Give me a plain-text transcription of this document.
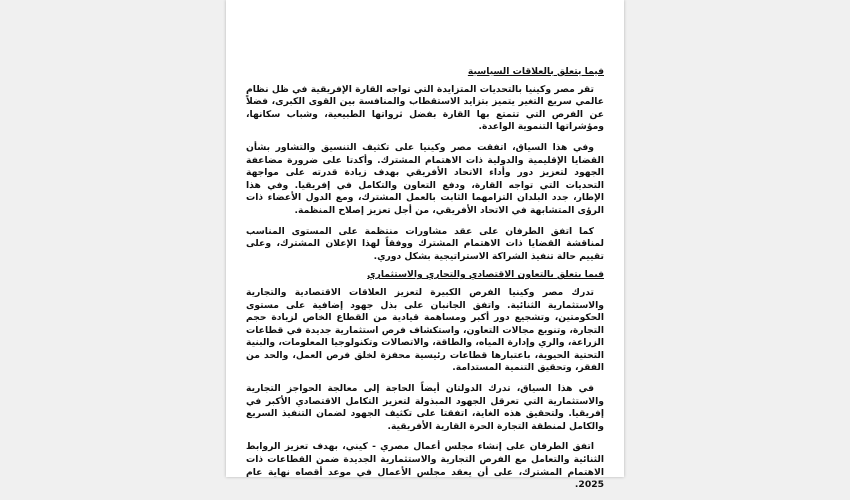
فيما يتعلق بالعلاقات السياسية

تقر مصر وكينيا بالتحديات المتزايدة التي تواجه القارة الإفريقية في ظل نظام عالمي سريع التغير يتميز بتزايد الاستقطاب والمنافسة بين القوى الكبرى، فضلاً عن الفرص التي تتمتع بها القارة بفضل ثرواتها الطبيعية، وشباب سكانها، ومؤشراتها التنموية الواعدة.

وفي هذا السياق، اتفقت مصر وكينيا على تكثيف التنسيق والتشاور بشأن القضايا الإقليمية والدولية ذات الاهتمام المشترك. وأكدتا على ضرورة مضاعفة الجهود لتعزيز دور وأداء الاتحاد الأفريقي بهدف زيادة قدرته على مواجهة التحديات التي تواجه القارة، ودفع التعاون والتكامل في إفريقيا. وفي هذا الإطار، جدد البلدان التزامهما الثابت بالعمل المشترك، ومع الدول الأعضاء ذات الرؤى المتشابهة في الاتحاد الأفريقي، من أجل تعزيز إصلاح المنظمة.

كما اتفق الطرفان على عقد مشاورات منتظمة على المستوى المناسب لمناقشة القضايا ذات الاهتمام المشترك ووفقاً لهذا الإعلان المشترك، وعلى تقييم حالة تنفيذ الشراكة الاستراتيجية بشكل دوري.

فيما يتعلق بالتعاون الاقتصادي والتجاري والاستثماري

تدرك مصر وكينيا الفرص الكبيرة لتعزيز العلاقات الاقتصادية والتجارية والاستثمارية الثنائية. واتفق الجانبان على بذل جهود إضافية على مستوى الحكومتين، وتشجيع دور أكبر ومساهمة قيادية من القطاع الخاص لزيادة حجم التجارة، وتنويع مجالات التعاون، واستكشاف فرص استثمارية جديدة في قطاعات الزراعة، والري وإدارة المياه، والطاقة، والاتصالات وتكنولوجيا المعلومات، والبنية التحتية الحيوية، باعتبارها قطاعات رئيسية محفزة لخلق فرص العمل، والحد من الفقر، وتحقيق التنمية المستدامة.

في هذا السياق، تدرك الدولتان أيضاً الحاجة إلى معالجة الحواجز التجارية والاستثمارية التي تعرقل الجهود المبذولة لتعزيز التكامل الاقتصادي الأكبر في إفريقيا. ولتحقيق هذه الغاية، اتفقتا على تكثيف الجهود لضمان التنفيذ السريع والكامل لمنطقة التجارة الحرة القارية الأفريقية.

اتفق الطرفان على إنشاء مجلس أعمال مصري - كيني، بهدف تعزيز الروابط الثنائية والتعامل مع الفرص التجارية والاستثمارية الجديدة ضمن القطاعات ذات الاهتمام المشترك، على أن يعقد مجلس الأعمال في موعد أقصاه نهاية عام 2025.
